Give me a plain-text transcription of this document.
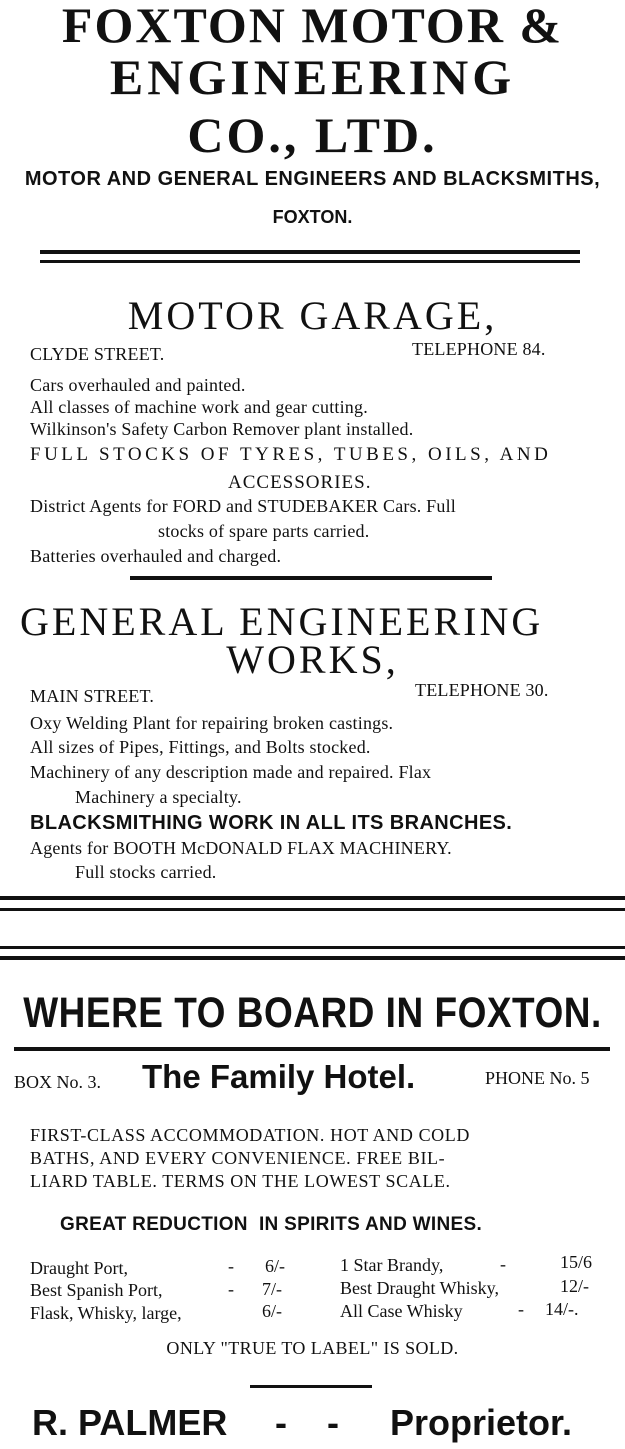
FOXTON MOTOR &
ENGINEERING
CO., LTD.
MOTOR AND GENERAL ENGINEERS AND BLACKSMITHS,
FOXTON.
MOTOR GARAGE,
CLYDE STREET.	TELEPHONE 84.
Cars overhauled and painted.
All classes of machine work and gear cutting.
Wilkinson's Safety Carbon Remover plant installed.
FULL STOCKS OF TYRES, TUBES, OILS, AND
ACCESSORIES.
District Agents for FORD and STUDEBAKER Cars. Full
stocks of spare parts carried.
Batteries overhauled and charged.
GENERAL ENGINEERING
WORKS,
MAIN STREET.	TELEPHONE 30.
Oxy Welding Plant for repairing broken castings.
All sizes of Pipes, Fittings, and Bolts stocked.
Machinery of any description made and repaired. Flax
Machinery a specialty.
BLACKSMITHING WORK IN ALL ITS BRANCHES.
Agents for BOOTH McDONALD FLAX MACHINERY.
Full stocks carried.
WHERE TO BOARD IN FOXTON.
BOX No. 3. The Family Hotel.	PHONE No. 5
FIRST-CLASS ACCOMMODATION. HOT AND COLD
BATHS, AND EVERY CONVENIENCE. FREE BIL-
LIARD TABLE. TERMS ON THE LOWEST SCALE.
GREAT REDUCTION  IN SPIRITS AND WINES.
Draught Port,	- 6/-
Best Spanish Port,	- 7/-
Flask, Whisky, large,	6/-
1 Star Brandy,	-	15/6
Best Draught Whisky,	12/-
All Case Whisky	- 14/-.
ONLY "TRUE TO LABEL" IS SOLD.
R. PALMER -    - Proprietor.
